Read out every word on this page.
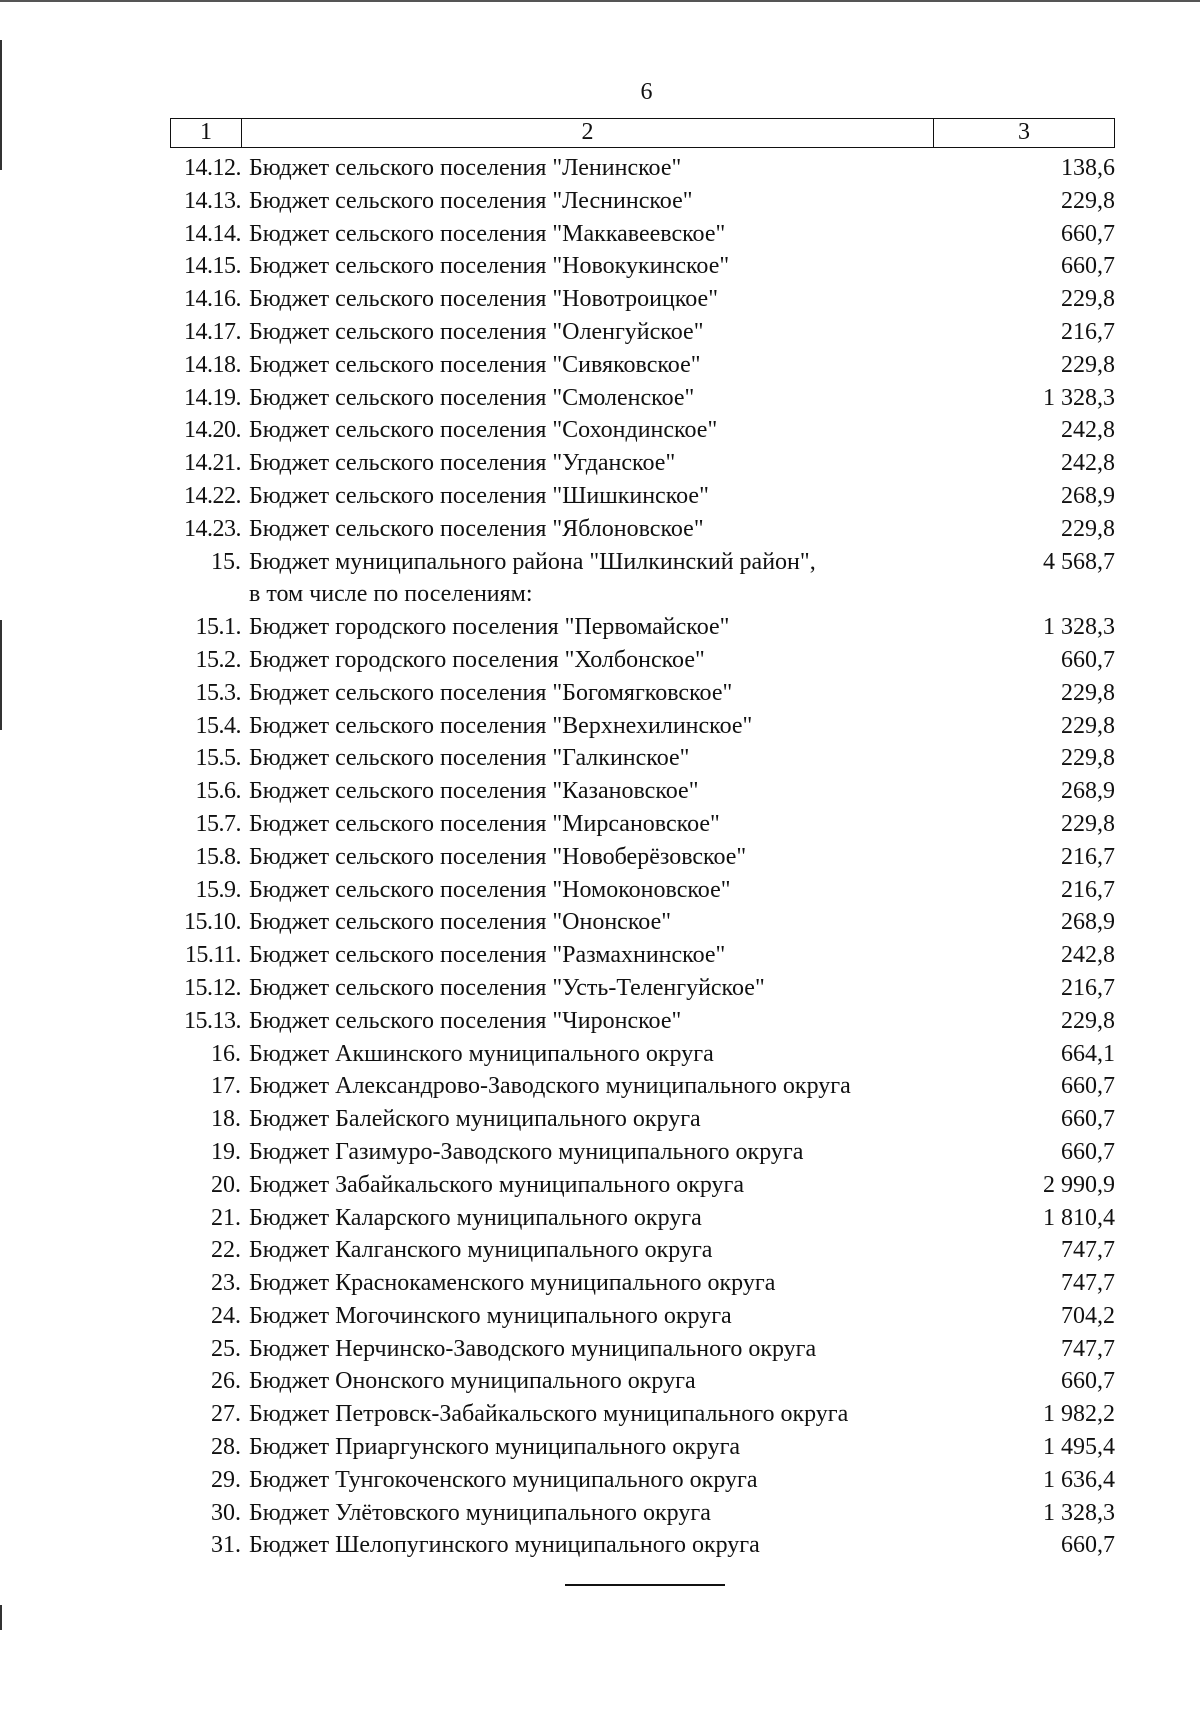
6
1	2	3
14.12. Бюджет сельского поселения "Ленинское"	138,6
14.13. Бюджет сельского поселения "Леснинское"	229,8
14.14. Бюджет сельского поселения "Маккавеевское"	660,7
14.15. Бюджет сельского поселения "Новокукинское"	660,7
14.16. Бюджет сельского поселения "Новотроицкое"	229,8
14.17. Бюджет сельского поселения "Оленгуйское"	216,7
14.18. Бюджет сельского поселения "Сивяковское"	229,8
14.19. Бюджет сельского поселения "Смоленское"	1 328,3
14.20. Бюджет сельского поселения "Сохондинское"	242,8
14.21. Бюджет сельского поселения "Угданское"	242,8
14.22. Бюджет сельского поселения "Шишкинское"	268,9
14.23. Бюджет сельского поселения "Яблоновское"	229,8
15. Бюджет муниципального района "Шилкинский район",	4 568,7
в том числе по поселениям:
15.1. Бюджет городского поселения "Первомайское"	1 328,3
15.2. Бюджет городского поселения "Холбонское"	660,7
15.3. Бюджет сельского поселения "Богомягковское"	229,8
15.4. Бюджет сельского поселения "Верхнехилинское"	229,8
15.5. Бюджет сельского поселения "Галкинское"	229,8
15.6. Бюджет сельского поселения "Казановское"	268,9
15.7. Бюджет сельского поселения "Мирсановское"	229,8
15.8. Бюджет сельского поселения "Новоберёзовское"	216,7
15.9. Бюджет сельского поселения "Номоконовское"	216,7
15.10. Бюджет сельского поселения "Ононское"	268,9
15.11. Бюджет сельского поселения "Размахнинское"	242,8
15.12. Бюджет сельского поселения "Усть-Теленгуйское"	216,7
15.13. Бюджет сельского поселения "Чиронское"	229,8
16. Бюджет Акшинского муниципального округа	664,1
17. Бюджет Александрово-Заводского муниципального округа	660,7
18. Бюджет Балейского муниципального округа	660,7
19. Бюджет Газимуро-Заводского муниципального округа	660,7
20. Бюджет Забайкальского муниципального округа	2 990,9
21. Бюджет Каларского муниципального округа	1 810,4
22. Бюджет Калганского муниципального округа	747,7
23. Бюджет Краснокаменского муниципального округа	747,7
24. Бюджет Могочинского муниципального округа	704,2
25. Бюджет Нерчинско-Заводского муниципального округа	747,7
26. Бюджет Ононского муниципального округа	660,7
27. Бюджет Петровск-Забайкальского муниципального округа	1 982,2
28. Бюджет Приаргунского муниципального округа	1 495,4
29. Бюджет Тунгокоченского муниципального округа	1 636,4
30. Бюджет Улётовского муниципального округа	1 328,3
31. Бюджет Шелопугинского муниципального округа	660,7
